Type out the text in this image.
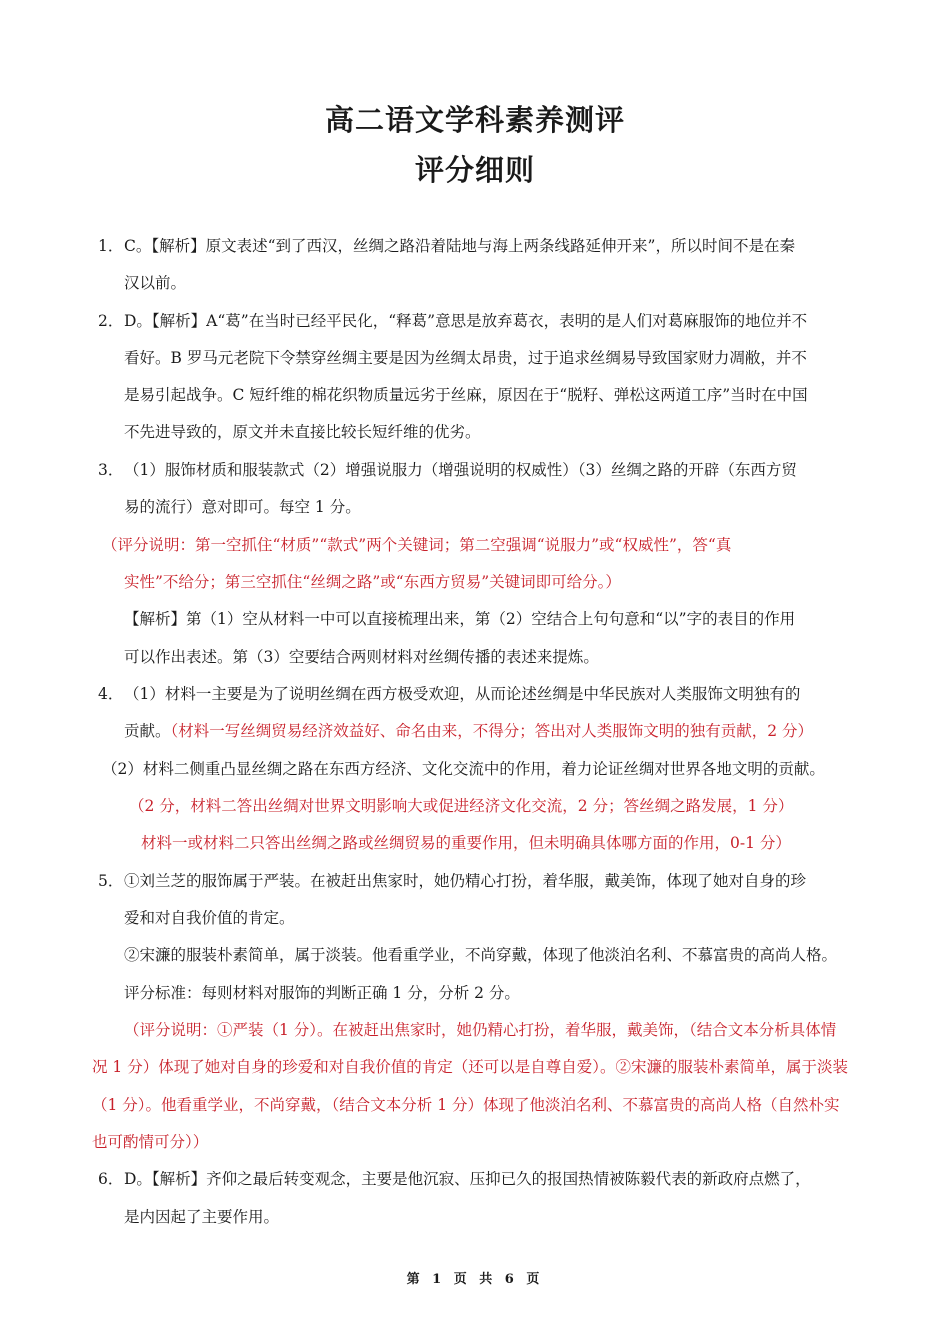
高二语文学科素养测评
评分细则
1． C。【解析】原文表述“到了西汉，丝绸之路沿着陆地与海上两条线路延伸开来”，所以时间不是在秦
汉以前。
2． D。【解析】A“葛”在当时已经平民化，“释葛”意思是放弃葛衣，表明的是人们对葛麻服饰的地位并不
看好。B 罗马元老院下令禁穿丝绸主要是因为丝绸太昂贵，过于追求丝绸易导致国家财力凋敝，并不
是易引起战争。C 短纤维的棉花织物质量远劣于丝麻，原因在于“脱籽、弹松这两道工序”当时在中国
不先进导致的，原文并未直接比较长短纤维的优劣。
3． （1）服饰材质和服装款式（2）增强说服力（增强说明的权威性）（3）丝绸之路的开辟（东西方贸
易的流行）意对即可。每空 1 分。
（评分说明：第一空抓住“材质”“款式”两个关键词；第二空强调“说服力”或“权威性”，答“真
实性”不给分；第三空抓住“丝绸之路”或“东西方贸易”关键词即可给分。）
【解析】第（1）空从材料一中可以直接梳理出来，第（2）空结合上句句意和“以”字的表目的作用
可以作出表述。第（3）空要结合两则材料对丝绸传播的表述来提炼。
4． （1）材料一主要是为了说明丝绸在西方极受欢迎，从而论述丝绸是中华民族对人类服饰文明独有的
贡献。（材料一写丝绸贸易经济效益好、命名由来，不得分；答出对人类服饰文明的独有贡献，2 分）
（2）材料二侧重凸显丝绸之路在东西方经济、文化交流中的作用，着力论证丝绸对世界各地文明的贡献。
（2 分，材料二答出丝绸对世界文明影响大或促进经济文化交流，2 分；答丝绸之路发展，1 分）
材料一或材料二只答出丝绸之路或丝绸贸易的重要作用，但未明确具体哪方面的作用，0-1 分）
5． ①刘兰芝的服饰属于严装。在被赶出焦家时，她仍精心打扮，着华服，戴美饰，体现了她对自身的珍
爱和对自我价值的肯定。
②宋濂的服装朴素简单，属于淡装。他看重学业，不尚穿戴，体现了他淡泊名利、不慕富贵的高尚人格。
评分标准：每则材料对服饰的判断正确 1 分，分析 2 分。
（评分说明：①严装（1 分）。在被赶出焦家时，她仍精心打扮，着华服，戴美饰，（结合文本分析具体情
况 1 分）体现了她对自身的珍爱和对自我价值的肯定（还可以是自尊自爱）。②宋濂的服装朴素简单，属于淡装
（1 分）。他看重学业，不尚穿戴，（结合文本分析 1 分）体现了他淡泊名利、不慕富贵的高尚人格（自然朴实
也可酌情可分））
6． D。【解析】齐仰之最后转变观念，主要是他沉寂、压抑已久的报国热情被陈毅代表的新政府点燃了，
是内因起了主要作用。
第 1 页 共 6 页
